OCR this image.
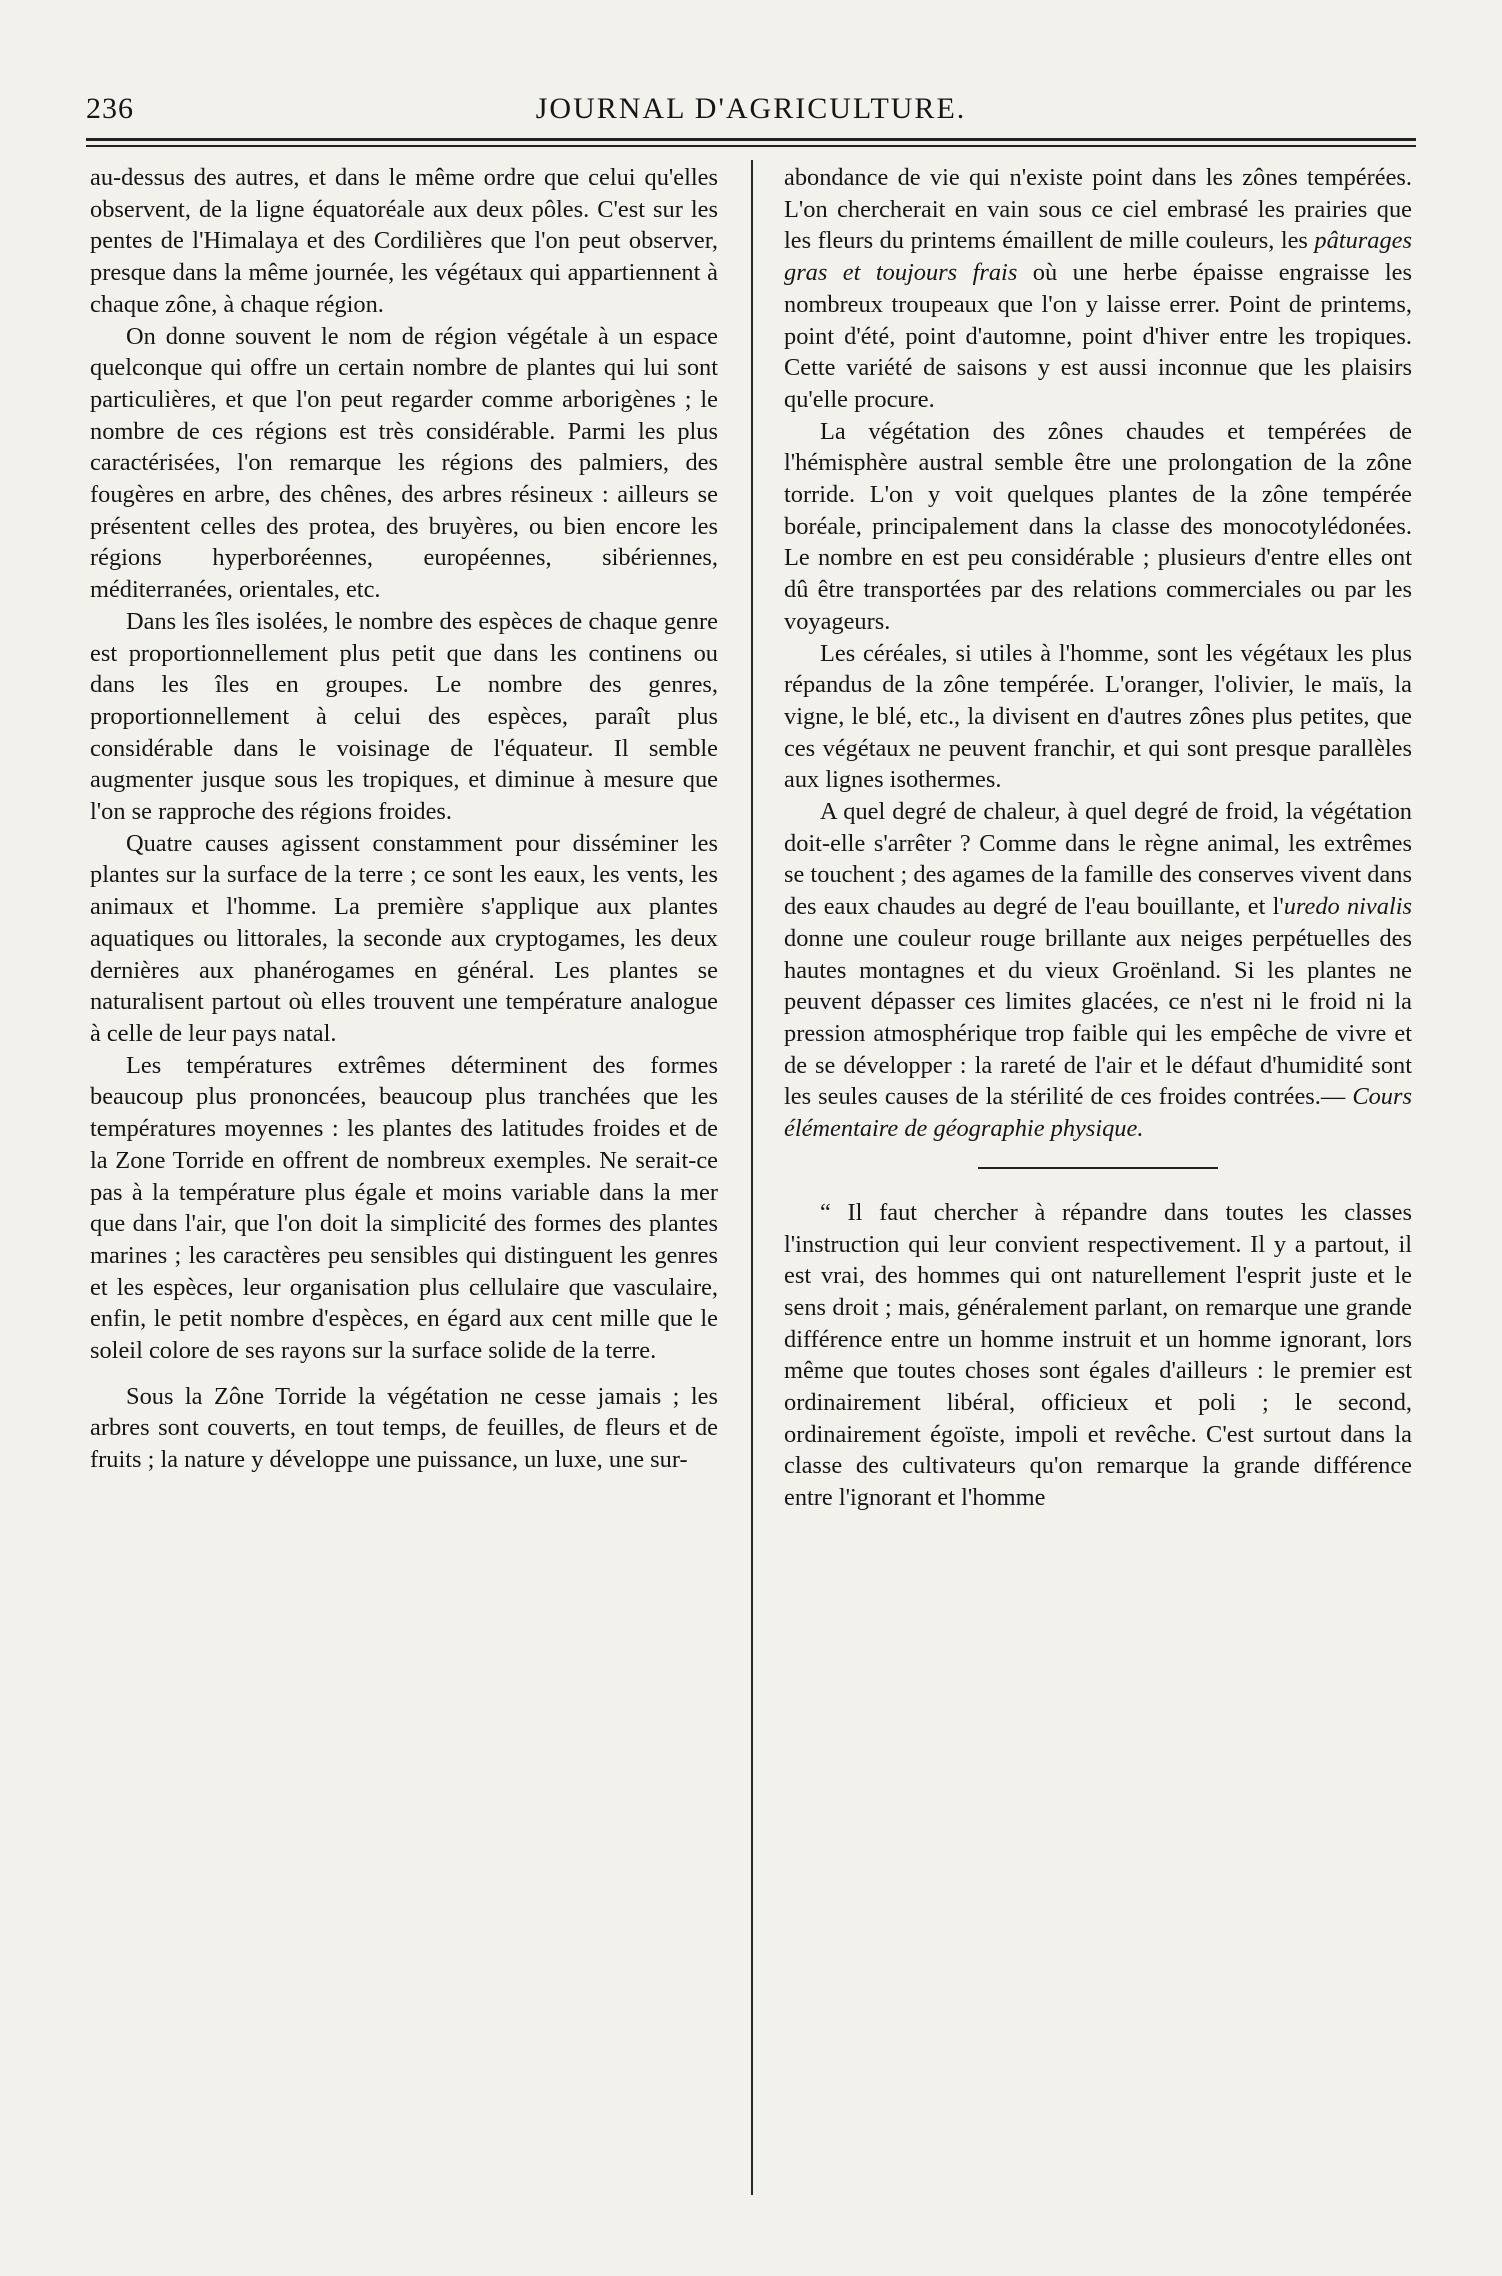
236	JOURNAL D'AGRICULTURE.

au-dessus des autres, et dans le même ordre que celui qu'elles observent, de la ligne équatoréale aux deux pôles. C'est sur les pentes de l'Himalaya et des Cordilières que l'on peut observer, presque dans la même journée, les végétaux qui appartiennent à chaque zône, à chaque région.

On donne souvent le nom de région végétale à un espace quelconque qui offre un certain nombre de plantes qui lui sont particulières, et que l'on peut regarder comme arborigènes ; le nombre de ces régions est très considérable. Parmi les plus caractérisées, l'on remarque les régions des palmiers, des fougères en arbre, des chênes, des arbres résineux : ailleurs se présentent celles des protea, des bruyères, ou bien encore les régions hyperboréennes, européennes, sibériennes, méditerranées, orientales, etc.

Dans les îles isolées, le nombre des espèces de chaque genre est proportionnellement plus petit que dans les continens ou dans les îles en groupes. Le nombre des genres, proportionnellement à celui des espèces, paraît plus considérable dans le voisinage de l'équateur. Il semble augmenter jusque sous les tropiques, et diminue à mesure que l'on se rapproche des régions froides.

Quatre causes agissent constamment pour disséminer les plantes sur la surface de la terre ; ce sont les eaux, les vents, les animaux et l'homme. La première s'applique aux plantes aquatiques ou littorales, la seconde aux cryptogames, les deux dernières aux phanérogames en général. Les plantes se naturalisent partout où elles trouvent une température analogue à celle de leur pays natal.

Les températures extrêmes déterminent des formes beaucoup plus prononcées, beaucoup plus tranchées que les températures moyennes : les plantes des latitudes froides et de la Zone Torride en offrent de nombreux exemples. Ne serait-ce pas à la température plus égale et moins variable dans la mer que dans l'air, que l'on doit la simplicité des formes des plantes marines ; les caractères peu sensibles qui distinguent les genres et les espèces, leur organisation plus cellulaire que vasculaire, enfin, le petit nombre d'espèces, en égard aux cent mille que le soleil colore de ses rayons sur la surface solide de la terre.

Sous la Zône Torride la végétation ne cesse jamais ; les arbres sont couverts, en tout temps, de feuilles, de fleurs et de fruits ; la nature y développe une puissance, un luxe, une sur-

abondance de vie qui n'existe point dans les zônes tempérées. L'on chercherait en vain sous ce ciel embrasé les prairies que les fleurs du printems émaillent de mille couleurs, les pâturages gras et toujours frais où une herbe épaisse engraisse les nombreux troupeaux que l'on y laisse errer. Point de printems, point d'été, point d'automne, point d'hiver entre les tropiques. Cette variété de saisons y est aussi inconnue que les plaisirs qu'elle procure.

La végétation des zônes chaudes et tempérées de l'hémisphère austral semble être une prolongation de la zône torride. L'on y voit quelques plantes de la zône tempérée boréale, principalement dans la classe des monocotylédonées. Le nombre en est peu considérable ; plusieurs d'entre elles ont dû être transportées par des relations commerciales ou par les voyageurs.

Les céréales, si utiles à l'homme, sont les végétaux les plus répandus de la zône tempérée. L'oranger, l'olivier, le maïs, la vigne, le blé, etc., la divisent en d'autres zônes plus petites, que ces végétaux ne peuvent franchir, et qui sont presque parallèles aux lignes isothermes.

A quel degré de chaleur, à quel degré de froid, la végétation doit-elle s'arrêter ? Comme dans le règne animal, les extrêmes se touchent ; des agames de la famille des conserves vivent dans des eaux chaudes au degré de l'eau bouillante, et l'uredo nivalis donne une couleur rouge brillante aux neiges perpétuelles des hautes montagnes et du vieux Groënland. Si les plantes ne peuvent dépasser ces limites glacées, ce n'est ni le froid ni la pression atmosphérique trop faible qui les empêche de vivre et de se développer : la rareté de l'air et le défaut d'humidité sont les seules causes de la stérilité de ces froides contrées.— Cours élémentaire de géographie physique.

“ Il faut chercher à répandre dans toutes les classes l'instruction qui leur convient respectivement. Il y a partout, il est vrai, des hommes qui ont naturellement l'esprit juste et le sens droit ; mais, généralement parlant, on remarque une grande différence entre un homme instruit et un homme ignorant, lors même que toutes choses sont égales d'ailleurs : le premier est ordinairement libéral, officieux et poli ; le second, ordinairement égoïste, impoli et revêche. C'est surtout dans la classe des cultivateurs qu'on remarque la grande différence entre l'ignorant et l'homme
